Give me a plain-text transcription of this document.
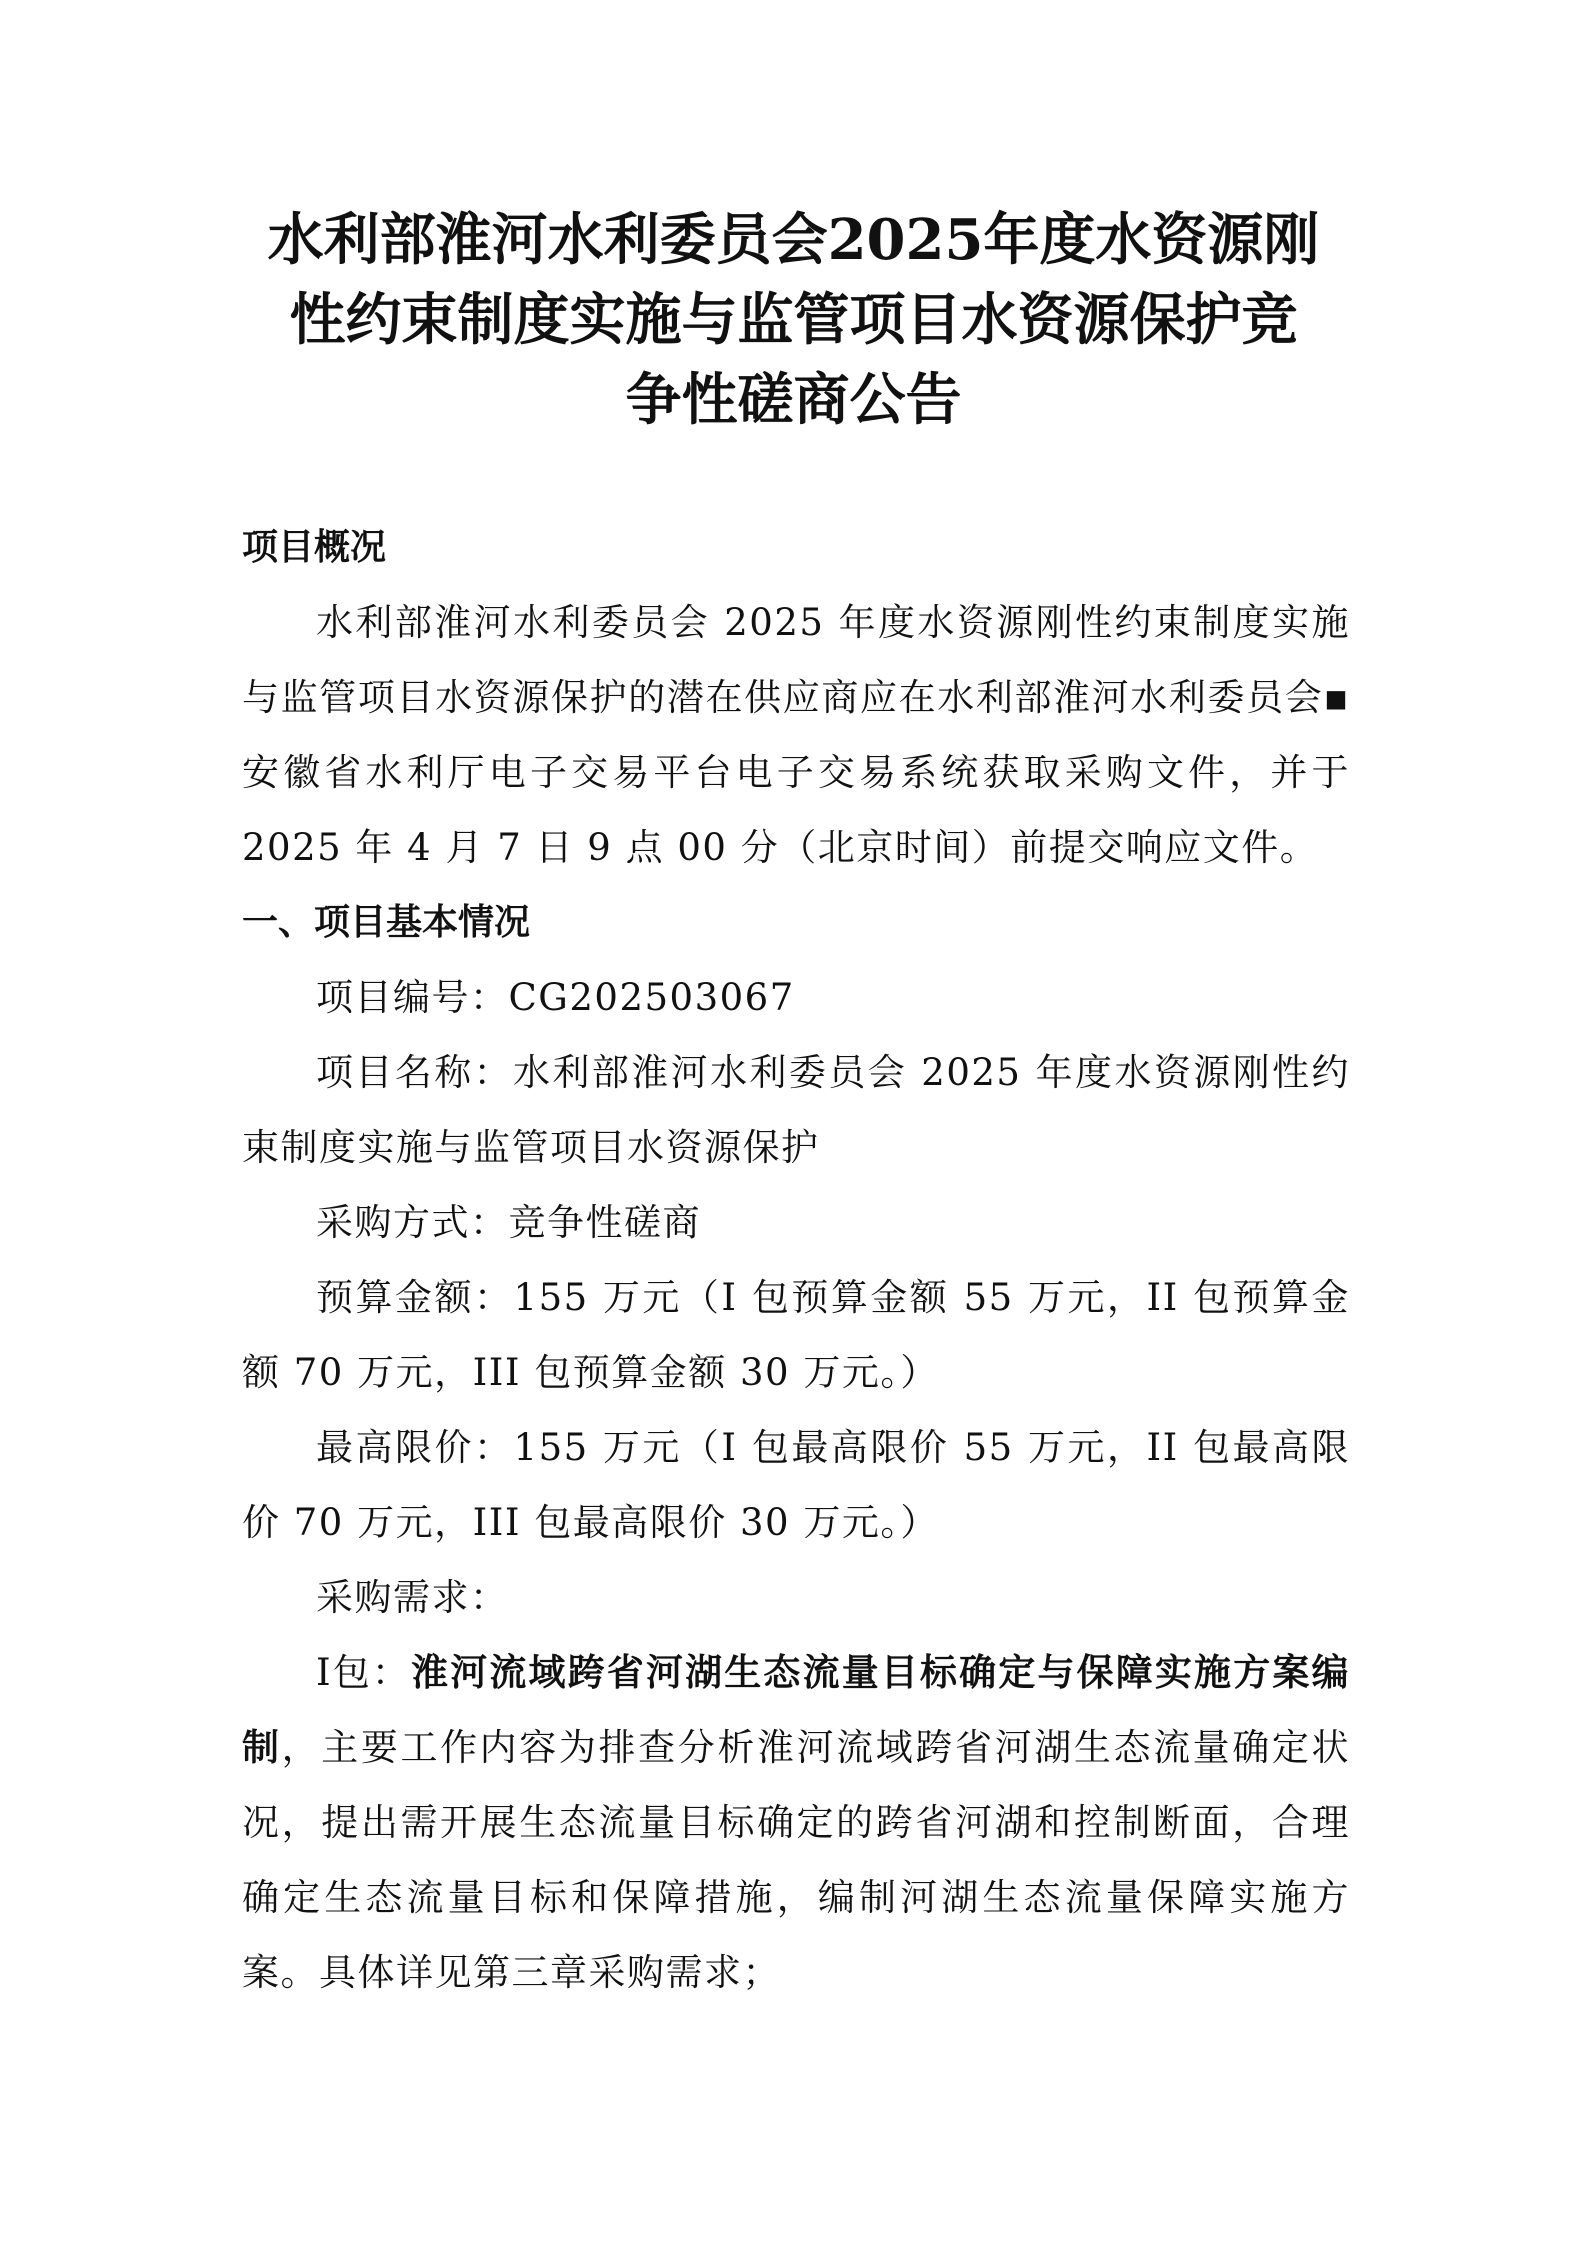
水利部淮河水利委员会2025年度水资源刚
性约束制度实施与监管项目水资源保护竞
争性磋商公告
项目概况

水利部淮河水利委员会 2025 年度水资源刚性约束制度实施与监管项目水资源保护的潜在供应商应在水利部淮河水利委员会▪安徽省水利厅电子交易平台电子交易系统获取采购文件，并于 2025 年 4 月 7 日 9 点 00 分（北京时间）前提交响应文件。

一、项目基本情况

项目编号：CG202503067

项目名称：水利部淮河水利委员会 2025 年度水资源刚性约束制度实施与监管项目水资源保护

采购方式：竞争性磋商

预算金额：155 万元（I 包预算金额 55 万元，II 包预算金额 70 万元，III 包预算金额 30 万元。）

最高限价：155 万元（I 包最高限价 55 万元，II 包最高限价 70 万元，III 包最高限价 30 万元。）

采购需求：

Ⅰ包：淮河流域跨省河湖生态流量目标确定与保障实施方案编制，主要工作内容为排查分析淮河流域跨省河湖生态流量确定状况，提出需开展生态流量目标确定的跨省河湖和控制断面，合理确定生态流量目标和保障措施，编制河湖生态流量保障实施方案。具体详见第三章采购需求；
